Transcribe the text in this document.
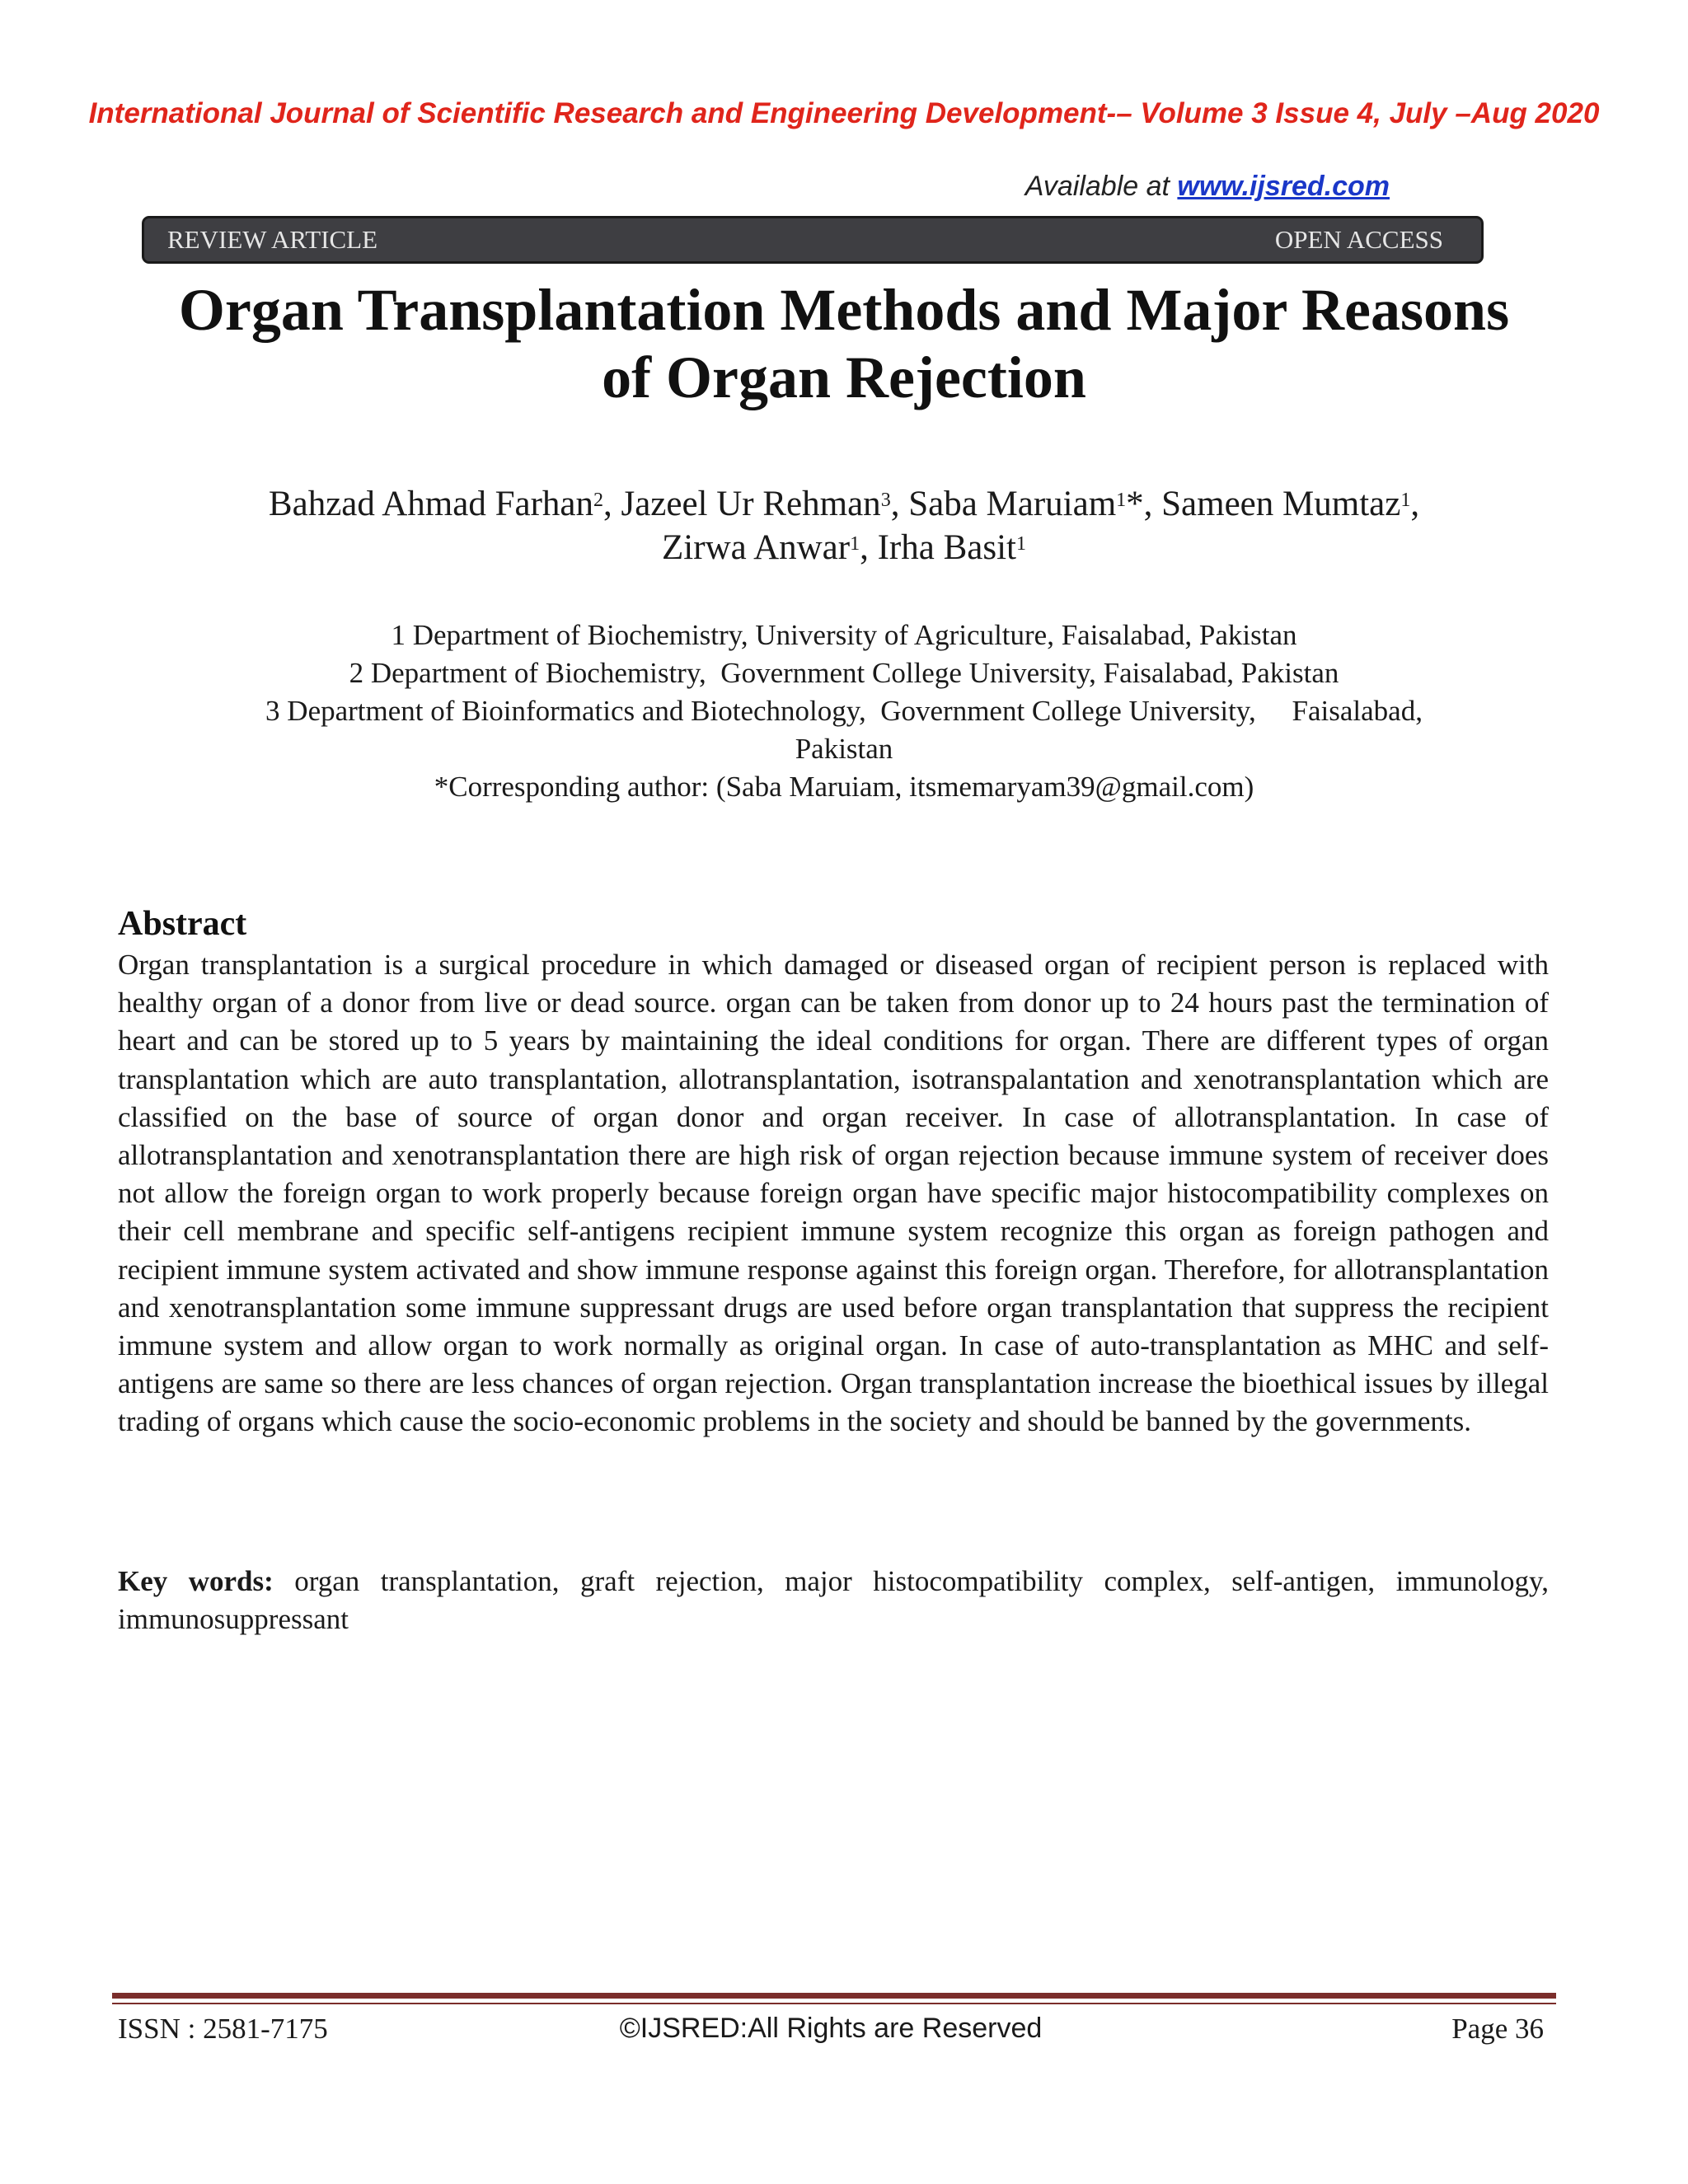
International Journal of Scientific Research and Engineering Development-– Volume 3 Issue 4, July –Aug 2020
Available at www.ijsred.com
REVIEW ARTICLE	OPEN ACCESS
Organ Transplantation Methods and Major Reasons
of Organ Rejection
Bahzad Ahmad Farhan$^2$, Jazeel Ur Rehman$^3$, Saba Maruiam$^1$*, Sameen Mumtaz$^1$,
Zirwa Anwar$^1$, Irha Basit$^1$
1 Department of Biochemistry, University of Agriculture, Faisalabad, Pakistan
2 Department of Biochemistry,  Government College University, Faisalabad, Pakistan
3 Department of Bioinformatics and Biotechnology,  Government College University,     Faisalabad,
Pakistan
*Corresponding author: (Saba Maruiam, itsmemaryam39@gmail.com)
Abstract

Organ transplantation is a surgical procedure in which damaged or diseased organ of recipient person is replaced with healthy organ of a donor from live or dead source. organ can be taken from donor up to 24 hours past the termination of heart and can be stored up to 5 years by maintaining the ideal conditions for organ. There are different types of organ transplantation which are auto transplantation, allotransplantation, isotranspalantation and xenotransplantation which are classified on the base of source of organ donor and organ receiver. In case of allotransplantation. In case of allotransplantation and xenotransplantation there are high risk of organ rejection because immune system of receiver does not allow the foreign organ to work properly because foreign organ have specific major histocompatibility complexes on their cell membrane and specific self-antigens recipient immune system recognize this organ as foreign pathogen and recipient immune system activated and show immune response against this foreign organ. Therefore, for allotransplantation and xenotransplantation some immune suppressant drugs are used before organ transplantation that suppress the recipient immune system and allow organ to work normally as original organ. In case of auto-transplantation as MHC and self-antigens are same so there are less chances of organ rejection. Organ transplantation increase the bioethical issues by illegal trading of organs which cause the socio-economic problems in the society and should be banned by the governments.

Key words: organ transplantation, graft rejection, major histocompatibility complex, self-antigen, immunology, immunosuppressant

ISSN : 2581-7175	©IJSRED:All Rights are Reserved	Page 36
